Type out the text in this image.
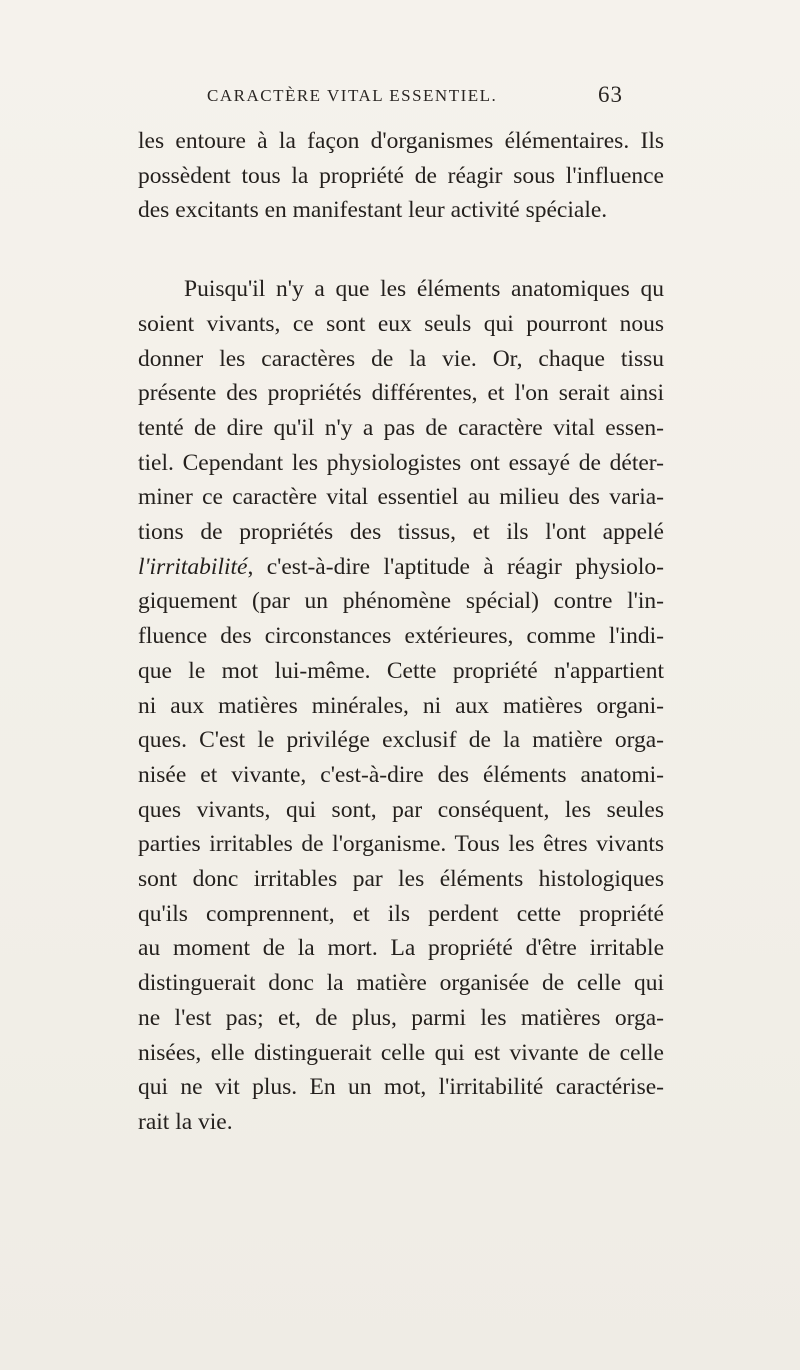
CARACTÈRE VITAL ESSENTIEL.	63
les entoure à la façon d'organismes élémentaires. Ils
possèdent tous la propriété de réagir sous l'influence
des excitants en manifestant leur activité spéciale.
Puisqu'il n'y a que les éléments anatomiques qu
soient vivants, ce sont eux seuls qui pourront nous
donner les caractères de la vie. Or, chaque tissu
présente des propriétés différentes, et l'on serait ainsi
tenté de dire qu'il n'y a pas de caractère vital essen-
tiel. Cependant les physiologistes ont essayé de déter-
miner ce caractère vital essentiel au milieu des varia-
tions de propriétés des tissus, et ils l'ont appelé
l'irritabilité, c'est-à-dire l'aptitude à réagir physiolo-
giquement (par un phénomène spécial) contre l'in-
fluence des circonstances extérieures, comme l'indi-
que le mot lui-même. Cette propriété n'appartient
ni aux matières minérales, ni aux matières organi-
ques. C'est le privilége exclusif de la matière orga-
nisée et vivante, c'est-à-dire des éléments anatomi-
ques vivants, qui sont, par conséquent, les seules
parties irritables de l'organisme. Tous les êtres vivants
sont donc irritables par les éléments histologiques
qu'ils comprennent, et ils perdent cette propriété
au moment de la mort. La propriété d'être irritable
distinguerait donc la matière organisée de celle qui
ne l'est pas; et, de plus, parmi les matières orga-
nisées, elle distinguerait celle qui est vivante de celle
qui ne vit plus. En un mot, l'irritabilité caractérise-
rait la vie.
